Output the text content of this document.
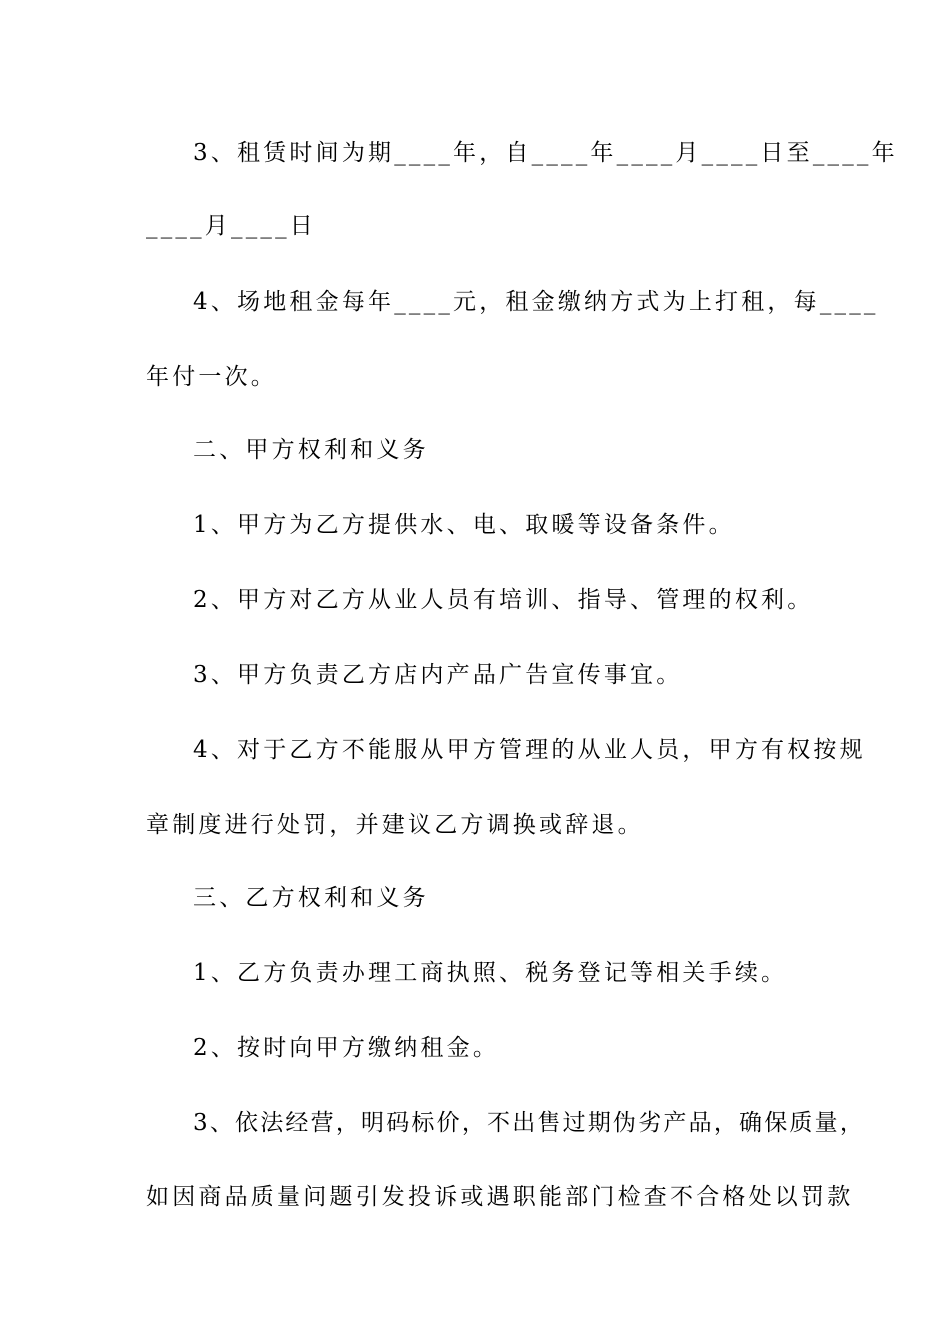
3、租赁时间为期____年，自____年____月____日至____年
____月____日
4、场地租金每年____元，租金缴纳方式为上打租，每____
年付一次。
二、甲方权利和义务
1、甲方为乙方提供水、电、取暖等设备条件。
2、甲方对乙方从业人员有培训、指导、管理的权利。
3、甲方负责乙方店内产品广告宣传事宜。
4、对于乙方不能服从甲方管理的从业人员，甲方有权按规
章制度进行处罚，并建议乙方调换或辞退。
三、乙方权利和义务
1、乙方负责办理工商执照、税务登记等相关手续。
2、按时向甲方缴纳租金。
3、依法经营，明码标价，不出售过期伪劣产品，确保质量，
如因商品质量问题引发投诉或遇职能部门检查不合格处以罚款
